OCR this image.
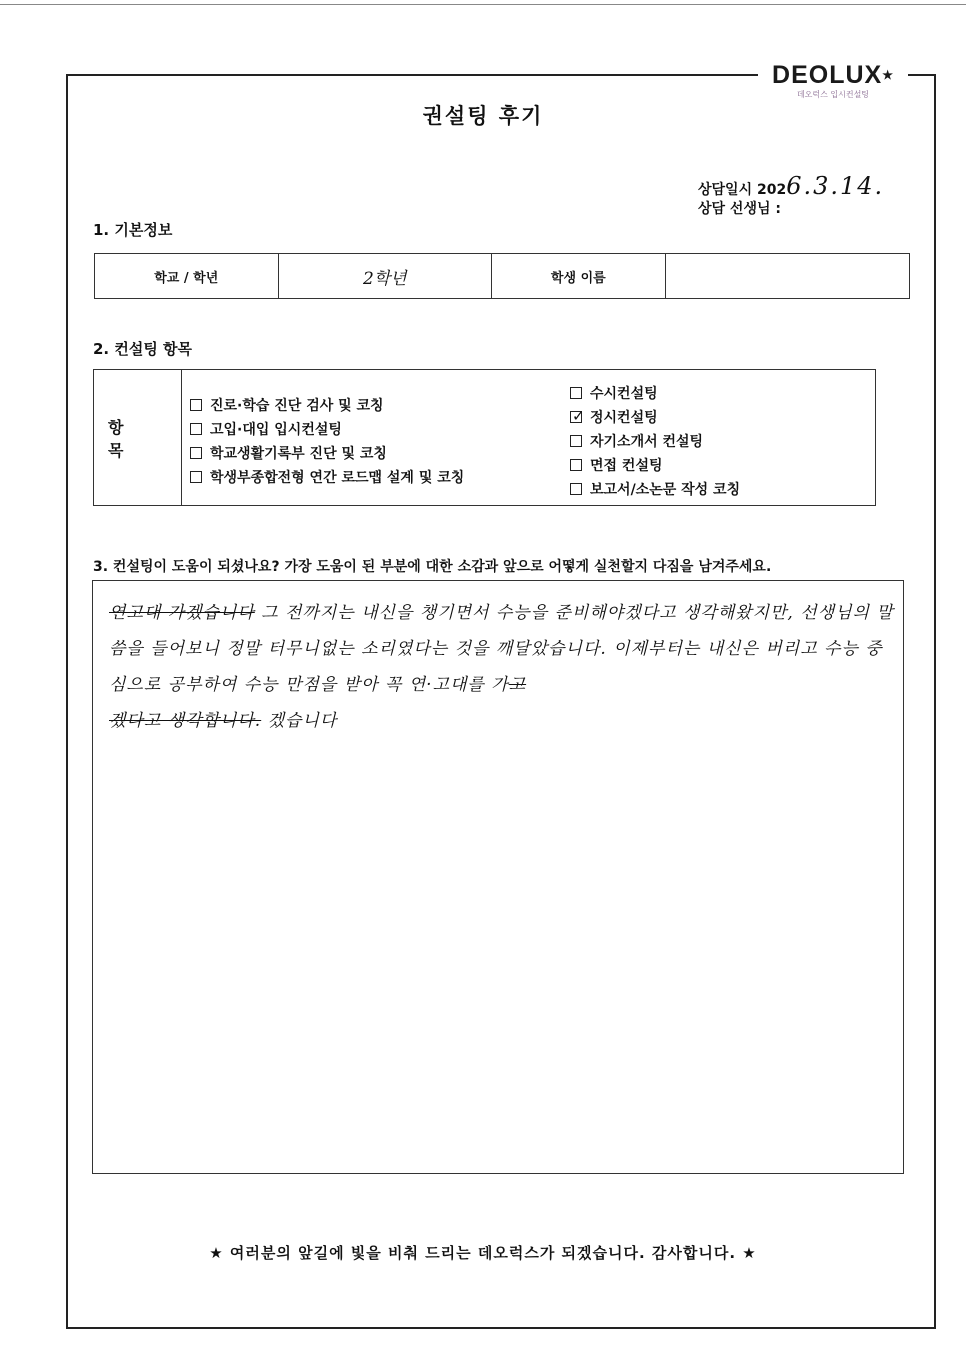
DEOLUX★
데오럭스 입시컨설팅
권설팅 후기
상담일시 2026.3.14.
상담 선생님 :
1. 기본정보
학교 / 학년	2학년	학생 이름
2. 컨설팅 항목
항 목
진로·학습 진단 검사 및 코칭
고입·대입 입시컨설팅
학교생활기록부 진단 및 코칭
학생부종합전형 연간 로드맵 설계 및 코칭
수시컨설팅
✓정시컨설팅
자기소개서 컨설팅
면접 컨설팅
보고서/소논문 작성 코칭
3. 컨설팅이 도움이 되셨나요? 가장 도움이 된 부분에 대한 소감과 앞으로 어떻게 실천할지 다짐을 남겨주세요.
연고대 가겠습니다 그 전까지는 내신을 챙기면서 수능을 준비해야겠다고 생각해왔지만, 선생님의 말씀을 들어보니 정말 터무니없는 소리였다는 것을 깨달았습니다. 이제부터는 내신은 버리고 수능 중심으로 공부하여 수능 만점을 받아 꼭 연·고대를 가고
겠다고 생각합니다. 겠습니다
★ 여러분의 앞길에 빛을 비춰 드리는 데오럭스가 되겠습니다. 감사합니다. ★
